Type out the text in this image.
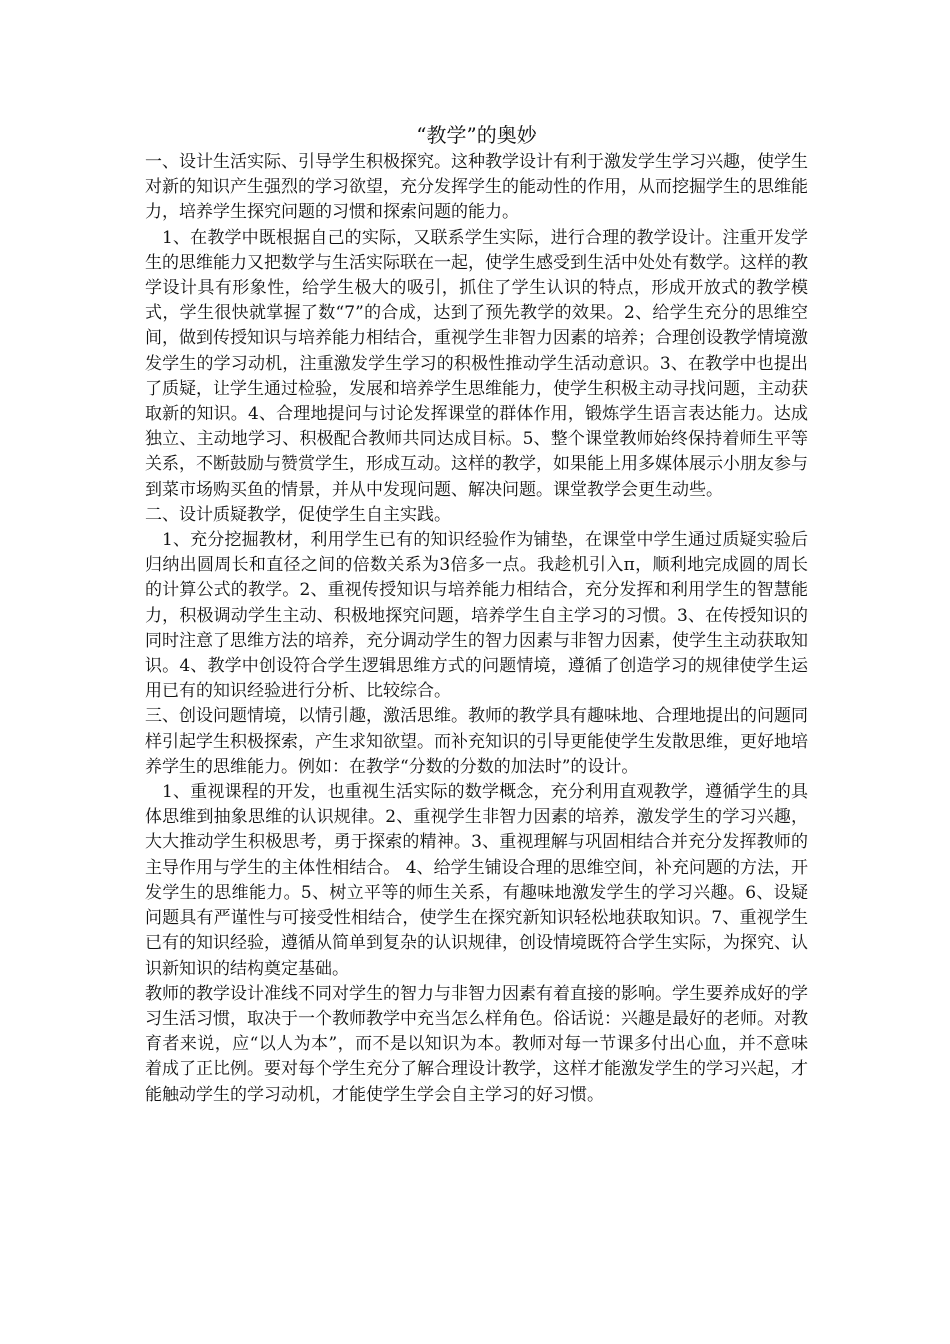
“教学”的奥妙

一、设计生活实际、引导学生积极探究。这种教学设计有利于激发学生学习兴趣，使学生对新的知识产生强烈的学习欲望，充分发挥学生的能动性的作用，从而挖掘学生的思维能力，培养学生探究问题的习惯和探索问题的能力。

1、在教学中既根据自己的实际，又联系学生实际，进行合理的教学设计。注重开发学生的思维能力又把数学与生活实际联在一起，使学生感受到生活中处处有数学。这样的教学设计具有形象性，给学生极大的吸引，抓住了学生认识的特点，形成开放式的教学模式，学生很快就掌握了数“7”的合成，达到了预先教学的效果。2、给学生充分的思维空间，做到传授知识与培养能力相结合，重视学生非智力因素的培养；合理创设教学情境激发学生的学习动机，注重激发学生学习的积极性推动学生活动意识。3、在教学中也提出了质疑，让学生通过检验，发展和培养学生思维能力，使学生积极主动寻找问题，主动获取新的知识。4、合理地提问与讨论发挥课堂的群体作用，锻炼学生语言表达能力。达成独立、主动地学习、积极配合教师共同达成目标。5、整个课堂教师始终保持着师生平等关系，不断鼓励与赞赏学生，形成互动。这样的教学，如果能上用多媒体展示小朋友参与到菜市场购买鱼的情景，并从中发现问题、解决问题。课堂教学会更生动些。

二、设计质疑教学，促使学生自主实践。

1、充分挖掘教材，利用学生已有的知识经验作为铺垫，在课堂中学生通过质疑实验后归纳出圆周长和直径之间的倍数关系为3倍多一点。我趁机引入π，顺利地完成圆的周长的计算公式的教学。2、重视传授知识与培养能力相结合，充分发挥和利用学生的智慧能力，积极调动学生主动、积极地探究问题，培养学生自主学习的习惯。3、在传授知识的同时注意了思维方法的培养，充分调动学生的智力因素与非智力因素，使学生主动获取知识。4、教学中创设符合学生逻辑思维方式的问题情境，遵循了创造学习的规律使学生运用已有的知识经验进行分析、比较综合。

三、创设问题情境，以情引趣，激活思维。教师的教学具有趣味地、合理地提出的问题同样引起学生积极探索，产生求知欲望。而补充知识的引导更能使学生发散思维，更好地培养学生的思维能力。例如：在教学“分数的分数的加法时”的设计。

1、重视课程的开发，也重视生活实际的数学概念，充分利用直观教学，遵循学生的具体思维到抽象思维的认识规律。2、重视学生非智力因素的培养，激发学生的学习兴趣，大大推动学生积极思考，勇于探索的精神。3、重视理解与巩固相结合并充分发挥教师的主导作用与学生的主体性相结合。 4、给学生铺设合理的思维空间，补充问题的方法，开发学生的思维能力。5、树立平等的师生关系，有趣味地激发学生的学习兴趣。6、设疑问题具有严谨性与可接受性相结合，使学生在探究新知识轻松地获取知识。7、重视学生已有的知识经验，遵循从简单到复杂的认识规律，创设情境既符合学生实际，为探究、认识新知识的结构奠定基础。

教师的教学设计准线不同对学生的智力与非智力因素有着直接的影响。学生要养成好的学习生活习惯，取决于一个教师教学中充当怎么样角色。俗话说：兴趣是最好的老师。对教育者来说，应“以人为本”，而不是以知识为本。教师对每一节课多付出心血，并不意味着成了正比例。要对每个学生充分了解合理设计教学，这样才能激发学生的学习兴起，才能触动学生的学习动机，才能使学生学会自主学习的好习惯。
